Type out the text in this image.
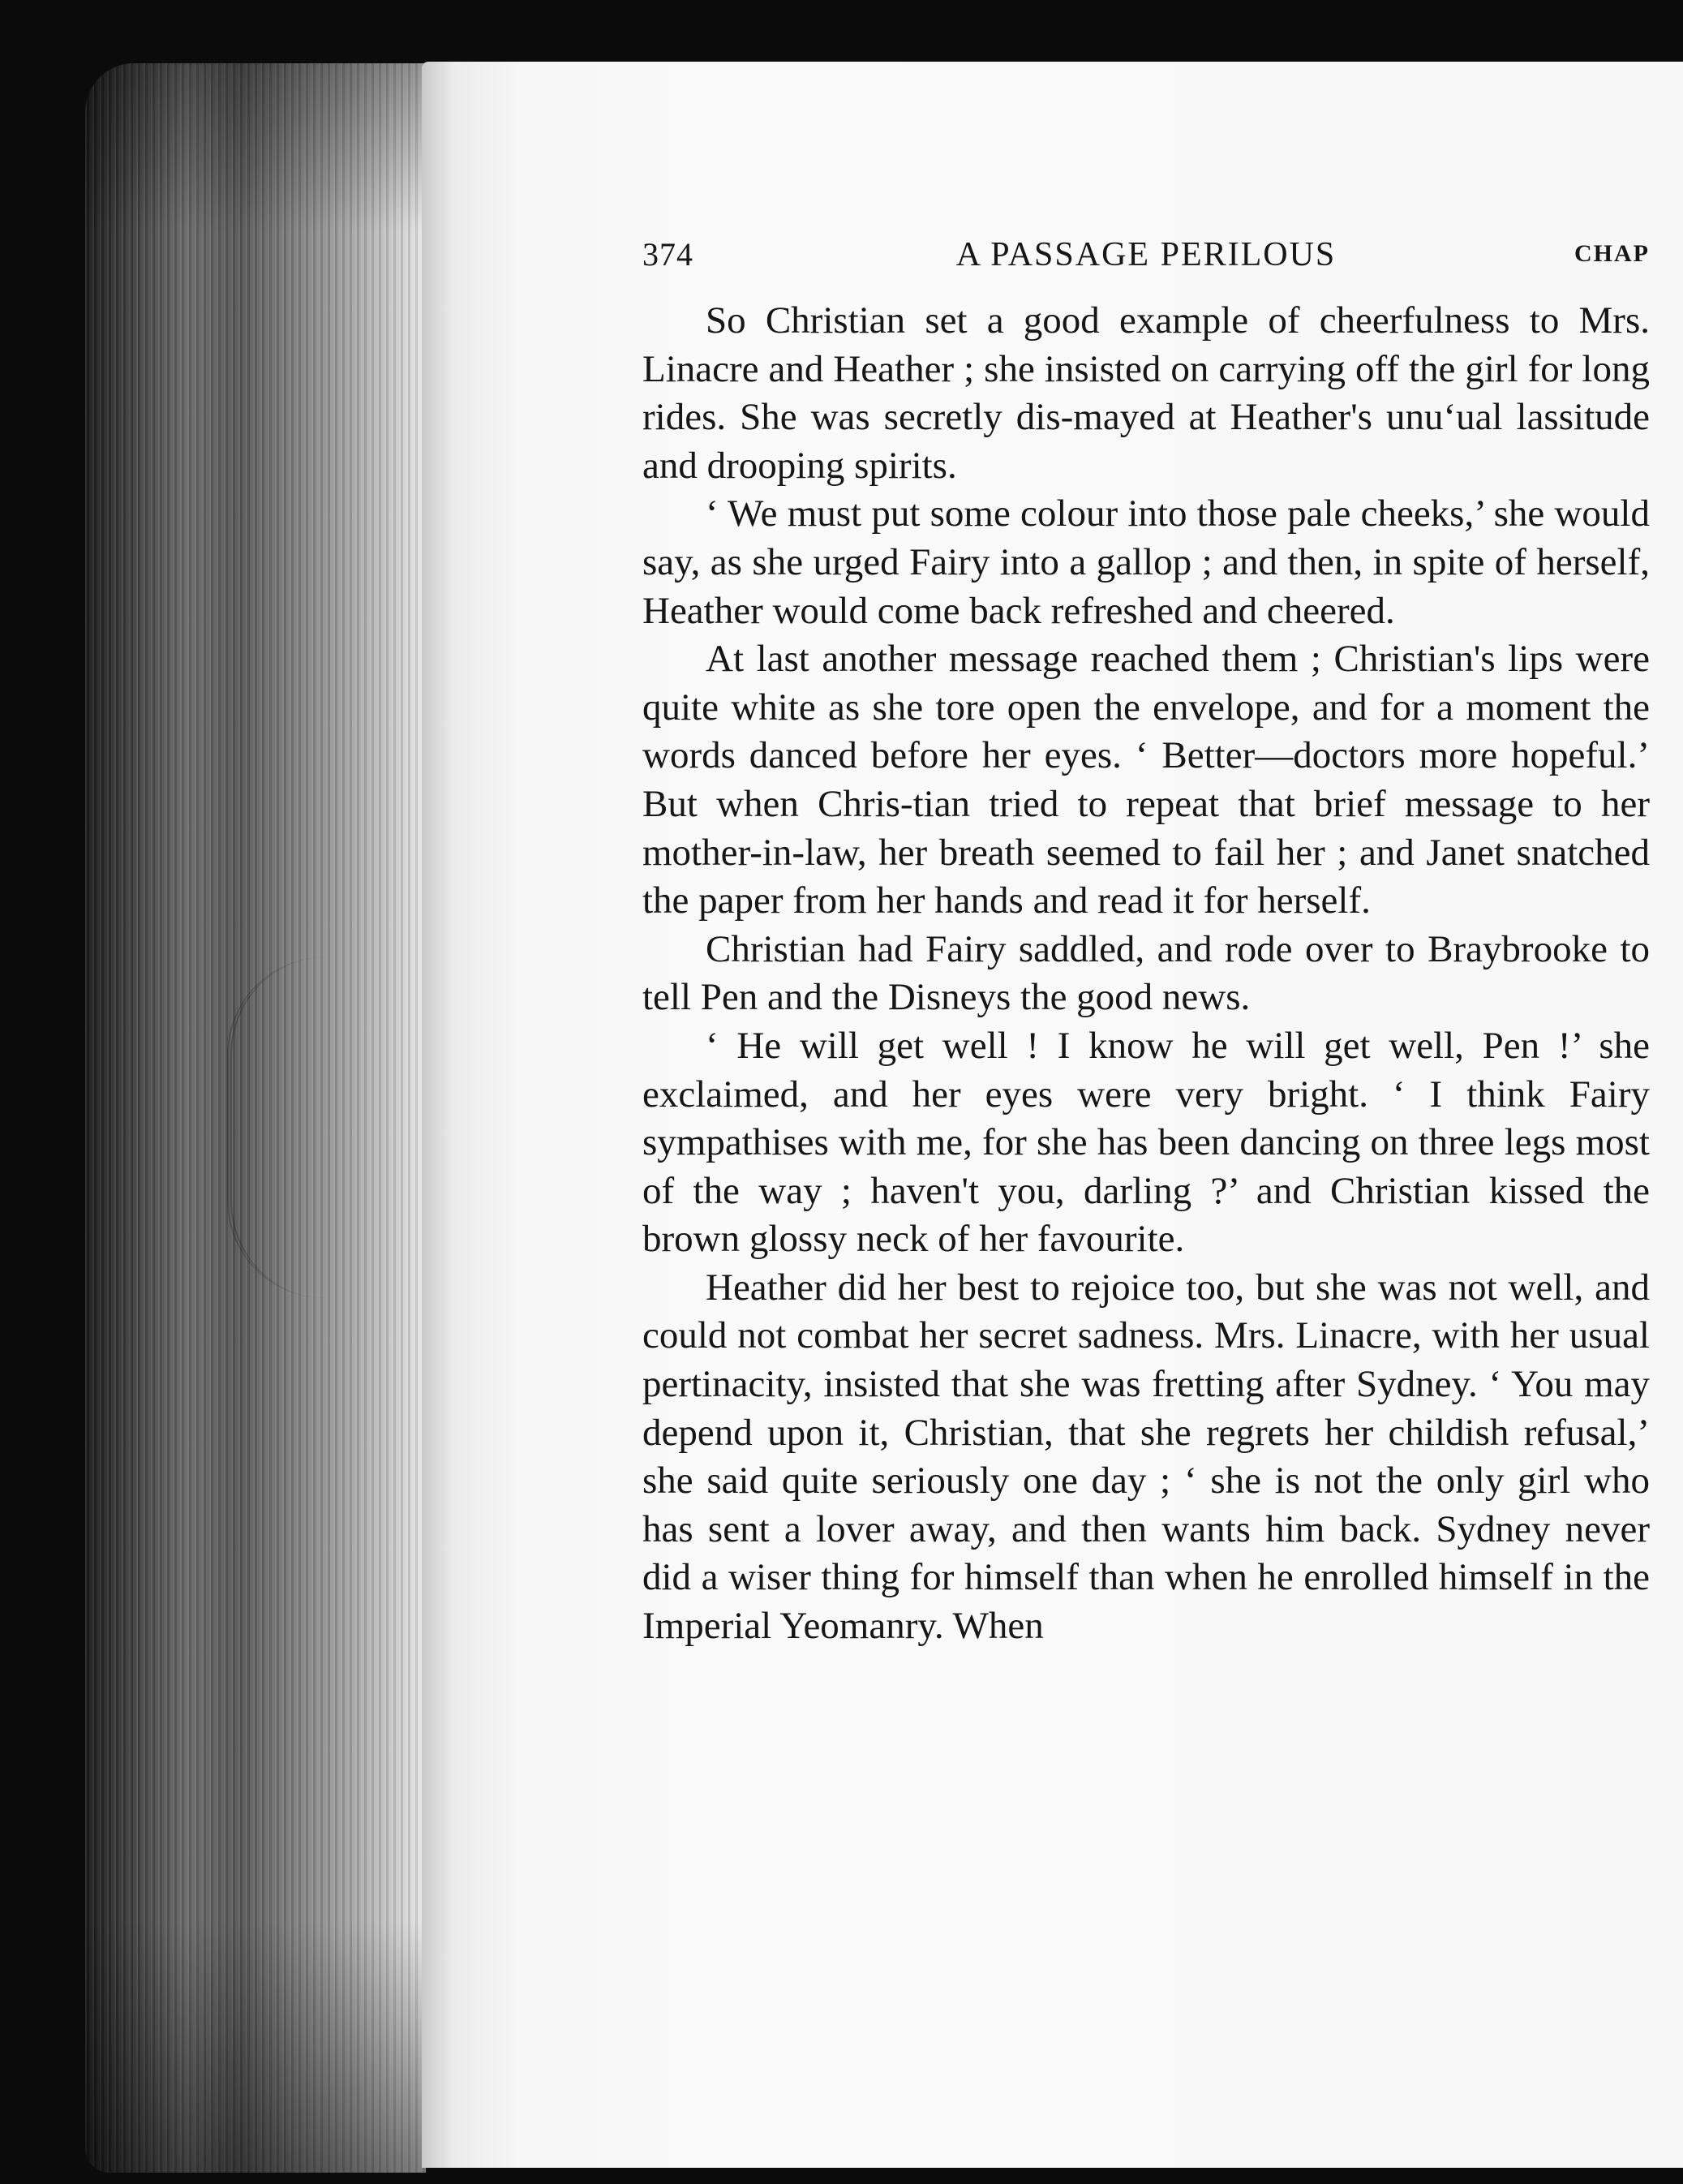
374	A PASSAGE PERILOUS	CHAP

So Christian set a good example of cheerfulness to Mrs. Linacre and Heather ; she insisted on carrying off the girl for long rides. She was secretly dis-mayed at Heather's unuʻual lassitude and drooping spirits.

‘ We must put some colour into those pale cheeks,’ she would say, as she urged Fairy into a gallop ; and then, in spite of herself, Heather would come back refreshed and cheered.

At last another message reached them ; Christian's lips were quite white as she tore open the envelope, and for a moment the words danced before her eyes. ‘ Better—doctors more hopeful.’ But when Chris-tian tried to repeat that brief message to her mother-in-law, her breath seemed to fail her ; and Janet snatched the paper from her hands and read it for herself.

Christian had Fairy saddled, and rode over to Braybrooke to tell Pen and the Disneys the good news.

‘ He will get well ! I know he will get well, Pen !’ she exclaimed, and her eyes were very bright. ‘ I think Fairy sympathises with me, for she has been dancing on three legs most of the way ; haven't you, darling ?’ and Christian kissed the brown glossy neck of her favourite.

Heather did her best to rejoice too, but she was not well, and could not combat her secret sadness. Mrs. Linacre, with her usual pertinacity, insisted that she was fretting after Sydney. ‘ You may depend upon it, Christian, that she regrets her childish refusal,’ she said quite seriously one day ; ‘ she is not the only girl who has sent a lover away, and then wants him back. Sydney never did a wiser thing for himself than when he enrolled himself in the Imperial Yeomanry. When
